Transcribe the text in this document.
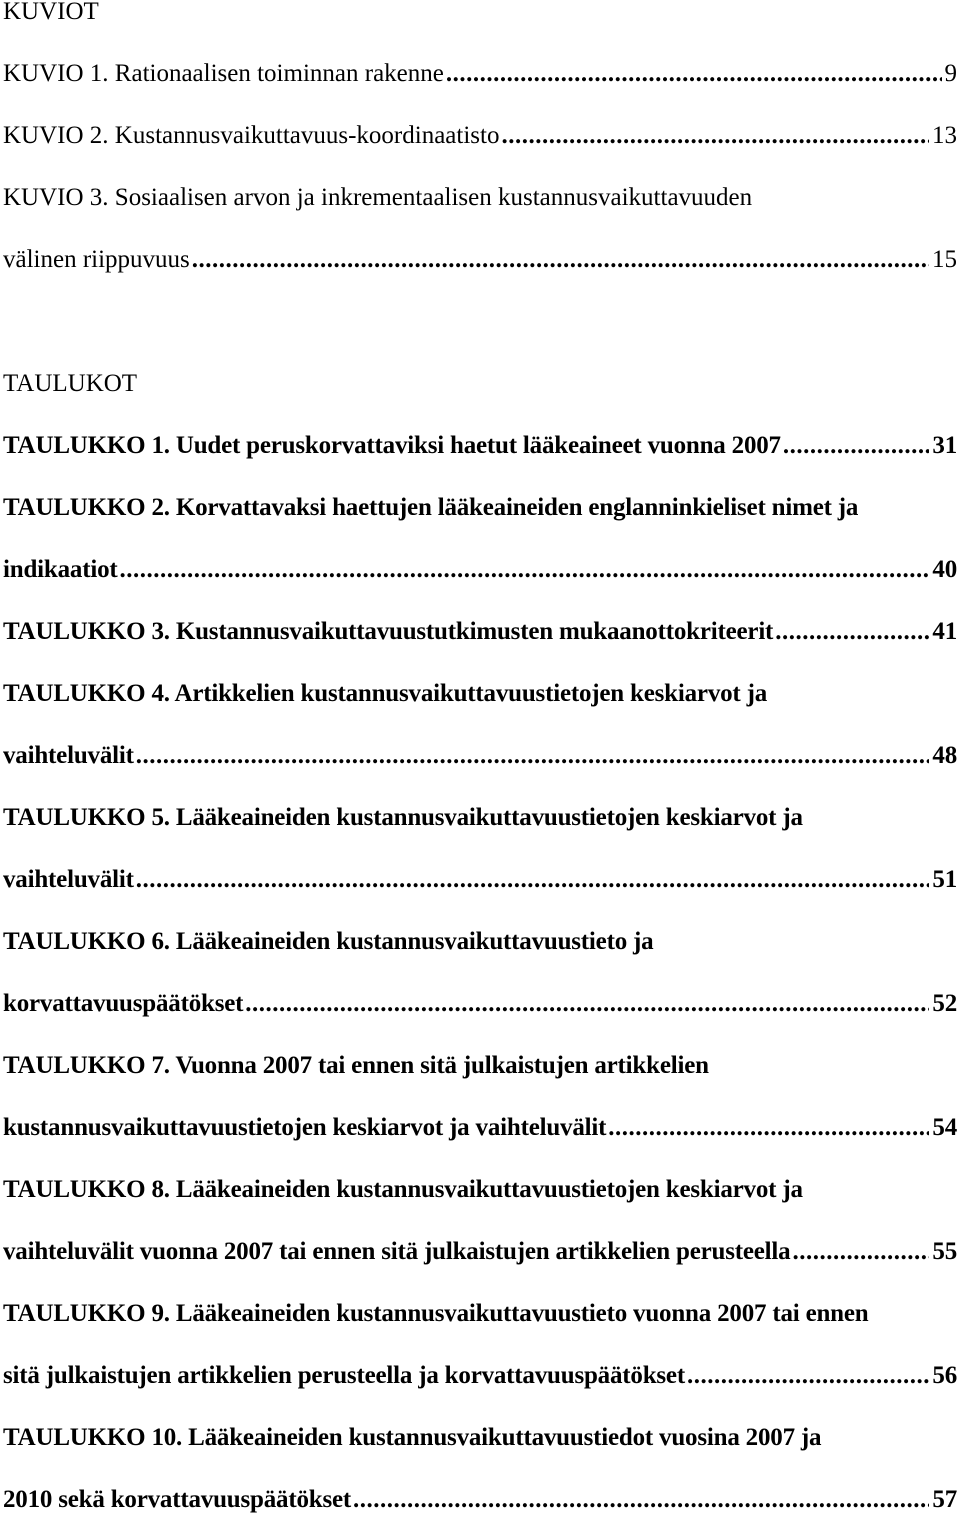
KUVIOT
KUVIO 1. Rationaalisen toiminnan rakenne .....	9
KUVIO 2. Kustannusvaikuttavuus-koordinaatisto .....	13
KUVIO 3. Sosiaalisen arvon ja inkrementaalisen kustannusvaikuttavuuden
välinen riippuvuus .....	15
TAULUKOT
TAULUKKO 1. Uudet peruskorvattaviksi haetut lääkeaineet vuonna 2007 .....	31
TAULUKKO 2. Korvattavaksi haettujen lääkeaineiden englanninkieliset nimet ja
indikaatiot .....	40
TAULUKKO 3. Kustannusvaikuttavuustutkimusten mukaanottokriteerit .....	41
TAULUKKO 4. Artikkelien kustannusvaikuttavuustietojen keskiarvot ja
vaihteluvälit .....	48
TAULUKKO 5. Lääkeaineiden kustannusvaikuttavuustietojen keskiarvot ja
vaihteluvälit .....	51
TAULUKKO 6. Lääkeaineiden kustannusvaikuttavuustieto ja
korvattavuuspäätökset .....	52
TAULUKKO 7. Vuonna 2007 tai ennen sitä julkaistujen artikkelien
kustannusvaikuttavuustietojen keskiarvot ja vaihteluvälit .....	54
TAULUKKO 8. Lääkeaineiden kustannusvaikuttavuustietojen keskiarvot ja
vaihteluvälit vuonna 2007 tai ennen sitä julkaistujen artikkelien perusteella .....	55
TAULUKKO 9. Lääkeaineiden kustannusvaikuttavuustieto vuonna 2007 tai ennen
sitä julkaistujen artikkelien perusteella ja korvattavuuspäätökset .....	56
TAULUKKO 10. Lääkeaineiden kustannusvaikuttavuustiedot vuosina 2007 ja
2010 sekä korvattavuuspäätökset .....	57
